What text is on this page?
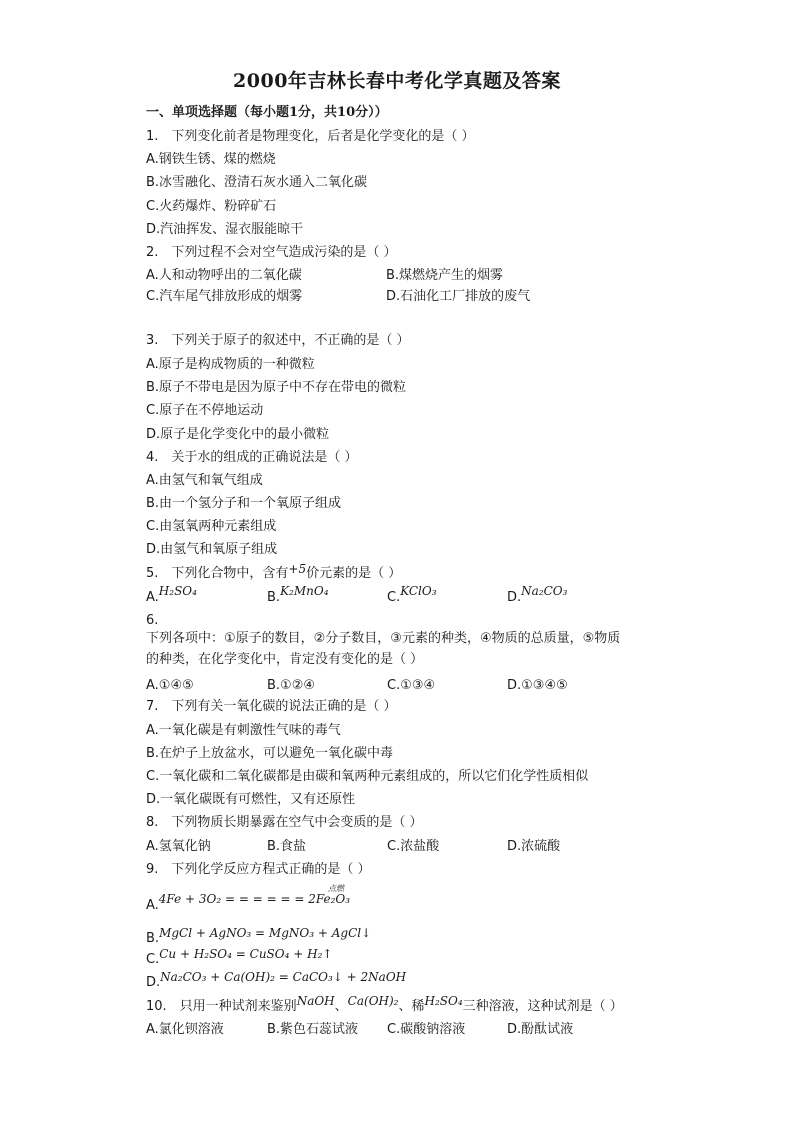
2000年吉林长春中考化学真题及答案
一、单项选择题（每小题1分，共10分））
1.　下列变化前者是物理变化，后者是化学变化的是（ ）
A.钢铁生锈、煤的燃烧
B.冰雪融化、澄清石灰水通入二氧化碳
C.火药爆炸、粉碎矿石
D.汽油挥发、湿衣服能晾干
2.　下列过程不会对空气造成污染的是（ ）
A.人和动物呼出的二氧化碳	B.煤燃烧产生的烟雾
C.汽车尾气排放形成的烟雾	D.石油化工厂排放的废气
3.　下列关于原子的叙述中，不正确的是（ ）
A.原子是构成物质的一种微粒
B.原子不带电是因为原子中不存在带电的微粒
C.原子在不停地运动
D.原子是化学变化中的最小微粒
4.　关于水的组成的正确说法是（ ）
A.由氢气和氧气组成
B.由一个氢分子和一个氧原子组成
C.由氢氧两种元素组成
D.由氢气和氧原子组成
5.　下列化合物中，含有+5价元素的是（ ）
A.H₂SO₄	B.K₂MnO₄	C.KClO₃	D.Na₂CO₃
6.
下列各项中：①原子的数目，②分子数目，③元素的种类，④物质的总质量，⑤物质
的种类，在化学变化中，肯定没有变化的是（ ）
A.①④⑤	B.①②④	C.①③④	D.①③④⑤
7.　下列有关一氧化碳的说法正确的是（ ）
A.一氧化碳是有刺激性气味的毒气
B.在炉子上放盆水，可以避免一氧化碳中毒
C.一氧化碳和二氧化碳都是由碳和氧两种元素组成的，所以它们化学性质相似
D.一氧化碳既有可燃性，又有还原性
8.　下列物质长期暴露在空气中会变质的是（ ）
A.氢氧化钠	B.食盐	C.浓盐酸	D.浓硫酸
9.　下列化学反应方程式正确的是（ ）
A.4Fe + 3O₂ = = = = = = 2Fe₂O₃
点燃
B.MgCl + AgNO₃ = MgNO₃ + AgCl↓
C.Cu + H₂SO₄ = CuSO₄ + H₂↑
D.Na₂CO₃ + Ca(OH)₂ = CaCO₃↓ + 2NaOH
10.　只用一种试剂来鉴别NaOH、Ca(OH)₂、稀H₂SO₄三种溶液，这种试剂是（ ）
A.氯化钡溶液	B.紫色石蕊试液 C.碳酸钠溶液	D.酚酞试液
